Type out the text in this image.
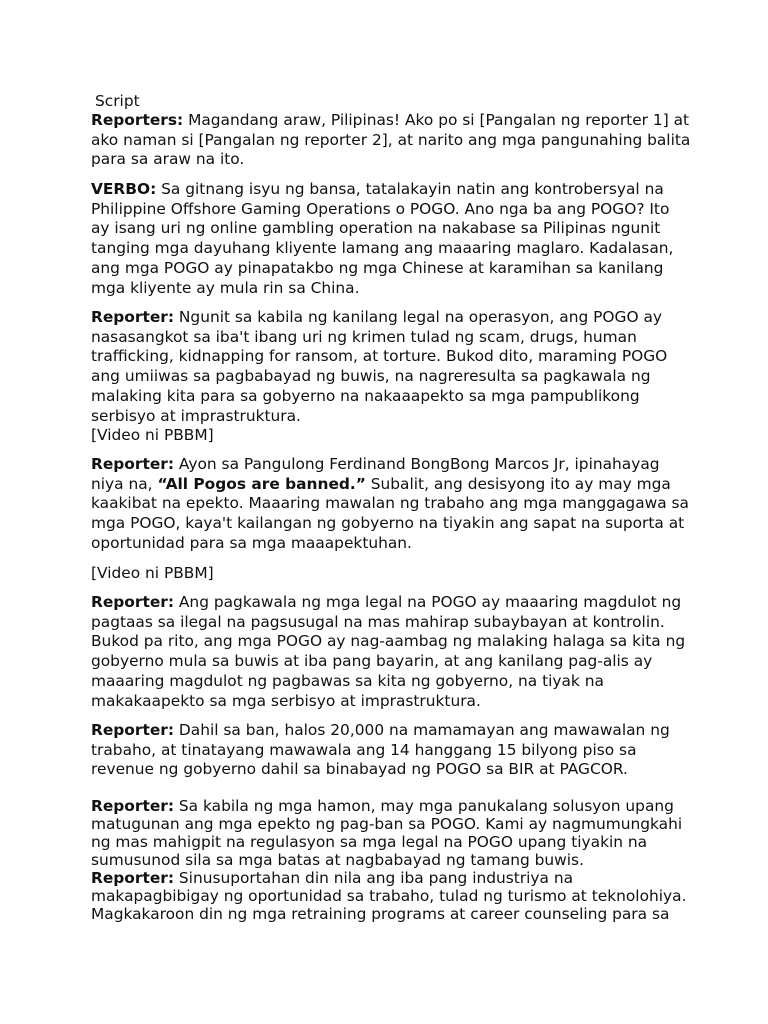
Script

Reporters: Magandang araw, Pilipinas! Ako po si [Pangalan ng reporter 1] at ako naman si [Pangalan ng reporter 2], at narito ang mga pangunahing balita para sa araw na ito.

VERBO: Sa gitnang isyu ng bansa, tatalakayin natin ang kontrobersyal na Philippine Offshore Gaming Operations o POGO. Ano nga ba ang POGO? Ito ay isang uri ng online gambling operation na nakabase sa Pilipinas ngunit tanging mga dayuhang kliyente lamang ang maaaring maglaro. Kadalasan, ang mga POGO ay pinapatakbo ng mga Chinese at karamihan sa kanilang mga kliyente ay mula rin sa China.

Reporter: Ngunit sa kabila ng kanilang legal na operasyon, ang POGO ay nasasangkot sa iba't ibang uri ng krimen tulad ng scam, drugs, human trafficking, kidnapping for ransom, at torture. Bukod dito, maraming POGO ang umiiwas sa pagbabayad ng buwis, na nagreresulta sa pagkawala ng malaking kita para sa gobyerno na nakaaapekto sa mga pampublikong serbisyo at imprastruktura.
[Video ni PBBM]

Reporter: Ayon sa Pangulong Ferdinand BongBong Marcos Jr, ipinahayag niya na, “All Pogos are banned.” Subalit, ang desisyong ito ay may mga kaakibat na epekto. Maaaring mawalan ng trabaho ang mga manggagawa sa mga POGO, kaya't kailangan ng gobyerno na tiyakin ang sapat na suporta at oportunidad para sa mga maaapektuhan.

[Video ni PBBM]

Reporter: Ang pagkawala ng mga legal na POGO ay maaaring magdulot ng pagtaas sa ilegal na pagsusugal na mas mahirap subaybayan at kontrolin. Bukod pa rito, ang mga POGO ay nag-aambag ng malaking halaga sa kita ng gobyerno mula sa buwis at iba pang bayarin, at ang kanilang pag-alis ay maaaring magdulot ng pagbawas sa kita ng gobyerno, na tiyak na makakaapekto sa mga serbisyo at imprastruktura.

Reporter: Dahil sa ban, halos 20,000 na mamamayan ang mawawalan ng trabaho, at tinatayang mawawala ang 14 hanggang 15 bilyong piso sa revenue ng gobyerno dahil sa binabayad ng POGO sa BIR at PAGCOR.

Reporter: Sa kabila ng mga hamon, may mga panukalang solusyon upang matugunan ang mga epekto ng pag-ban sa POGO. Kami ay nagmumungkahi ng mas mahigpit na regulasyon sa mga legal na POGO upang tiyakin na sumusunod sila sa mga batas at nagbabayad ng tamang buwis.

Reporter: Sinusuportahan din nila ang iba pang industriya na makapagbibigay ng oportunidad sa trabaho, tulad ng turismo at teknolohiya. Magkakaroon din ng mga retraining programs at career counseling para sa
